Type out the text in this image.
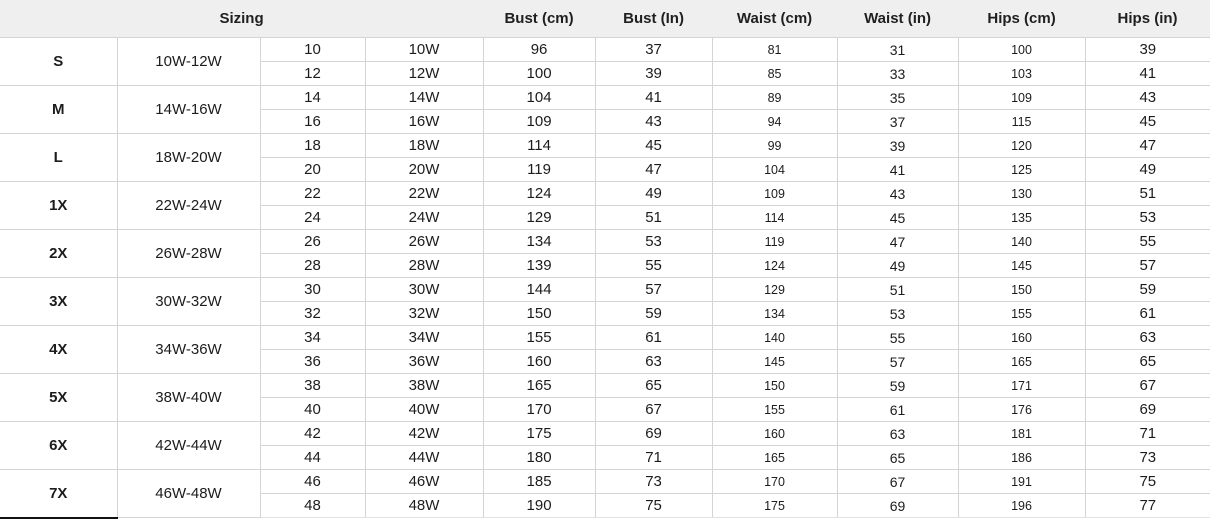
Sizing				Bust (cm)	Bust (In)	Waist (cm)	Waist (in)	Hips (cm)	Hips (in)
S	10W-12W	10	10W	96	37	81	31	100	39
		12	12W	100	39	85	33	103	41
M	14W-16W	14	14W	104	41	89	35	109	43
		16	16W	109	43	94	37	115	45
L	18W-20W	18	18W	114	45	99	39	120	47
		20	20W	119	47	104	41	125	49
1X	22W-24W	22	22W	124	49	109	43	130	51
		24	24W	129	51	114	45	135	53
2X	26W-28W	26	26W	134	53	119	47	140	55
		28	28W	139	55	124	49	145	57
3X	30W-32W	30	30W	144	57	129	51	150	59
		32	32W	150	59	134	53	155	61
4X	34W-36W	34	34W	155	61	140	55	160	63
		36	36W	160	63	145	57	165	65
5X	38W-40W	38	38W	165	65	150	59	171	67
		40	40W	170	67	155	61	176	69
6X	42W-44W	42	42W	175	69	160	63	181	71
		44	44W	180	71	165	65	186	73
7X	46W-48W	46	46W	185	73	170	67	191	75
		48	48W	190	75	175	69	196	77
